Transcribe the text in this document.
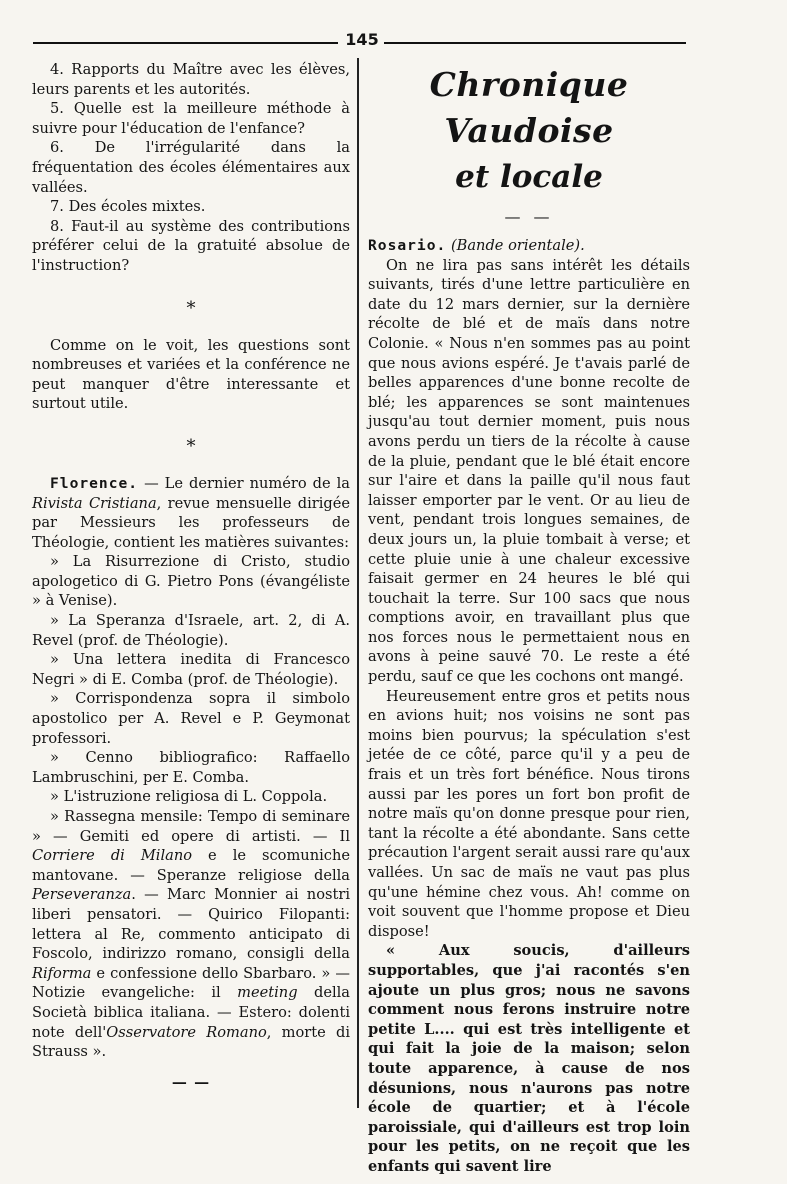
145

4. Rapports du Maître avec les élèves, leurs parents et les autorités.

5. Quelle est la meilleure méthode à suivre pour l'éducation de l'enfance?

6. De l'irrégularité dans la fréquentation des écoles élémentaires aux vallées.

7. Des écoles mixtes.

8. Faut-il au système des contributions préférer celui de la gratuité absolue de l'instruction?

*

Comme on le voit, les questions sont nombreuses et variées et la conférence ne peut manquer d'être interessante et surtout utile.

*

Florence. — Le dernier numéro de la Rivista Cristiana, revue mensuelle dirigée par Messieurs les professeurs de Théologie, contient les matières suivantes:

» La Risurrezione di Cristo, studio apologetico di G. Pietro Pons (évangéliste » à Venise).

» La Speranza d'Israele, art. 2, di A. Revel (prof. de Théologie).

» Una lettera inedita di Francesco Negri » di E. Comba (prof. de Théologie).

» Corrispondenza sopra il simbolo apostolico per A. Revel e P. Geymonat professori.

» Cenno bibliografico: Raffaello Lambruschini, per E. Comba.

» L'istruzione religiosa di L. Coppola.

» Rassegna mensile: Tempo di seminare » — Gemiti ed opere di artisti. — Il Corriere di Milano e le scomuniche mantovane. — Speranze religiose della Perseveranza. — Marc Monnier ai nostri liberi pensatori. — Quirico Filopanti: lettera al Re, commento anticipato di Foscolo, indirizzo romano, consigli della Riforma e confessione dello Sbarbaro. » — Notizie evangeliche: il meeting della Società biblica italiana. — Estero: dolenti note dell'Osservatore Romano, morte di Strauss ».

— —

Chronique Vaudoise

et locale

— —

Rosario. (Bande orientale).

On ne lira pas sans intérêt les détails suivants, tirés d'une lettre particulière en date du 12 mars dernier, sur la dernière récolte de blé et de maïs dans notre Colonie. « Nous n'en sommes pas au point que nous avions espéré. Je t'avais parlé de belles apparences d'une bonne recolte de blé; les apparences se sont maintenues jusqu'au tout dernier moment, puis nous avons perdu un tiers de la récolte à cause de la pluie, pendant que le blé était encore sur l'aire et dans la paille qu'il nous faut laisser emporter par le vent. Or au lieu de vent, pendant trois longues semaines, de deux jours un, la pluie tombait à verse; et cette pluie unie à une chaleur excessive faisait germer en 24 heures le blé qui touchait la terre. Sur 100 sacs que nous comptions avoir, en travaillant plus que nos forces nous le permettaient nous en avons à peine sauvé 70. Le reste a été perdu, sauf ce que les cochons ont mangé.

Heureusement entre gros et petits nous en avions huit; nos voisins ne sont pas moins bien pourvus; la spéculation s'est jetée de ce côté, parce qu'il y a peu de frais et un très fort bénéfice. Nous tirons aussi par les pores un fort bon profit de notre maïs qu'on donne presque pour rien, tant la récolte a été abondante. Sans cette précaution l'argent serait aussi rare qu'aux vallées. Un sac de maïs ne vaut pas plus qu'une hémine chez vous. Ah! comme on voit souvent que l'homme propose et Dieu dispose!

« Aux soucis, d'ailleurs supportables, que j'ai racontés s'en ajoute un plus gros; nous ne savons comment nous ferons instruire notre petite L.... qui est très intelligente et qui fait la joie de la maison; selon toute apparence, à cause de nos désunions, nous n'aurons pas notre école de quartier; et à l'école paroissiale, qui d'ailleurs est trop loin pour les petits, on ne reçoit que les enfants qui savent lire
